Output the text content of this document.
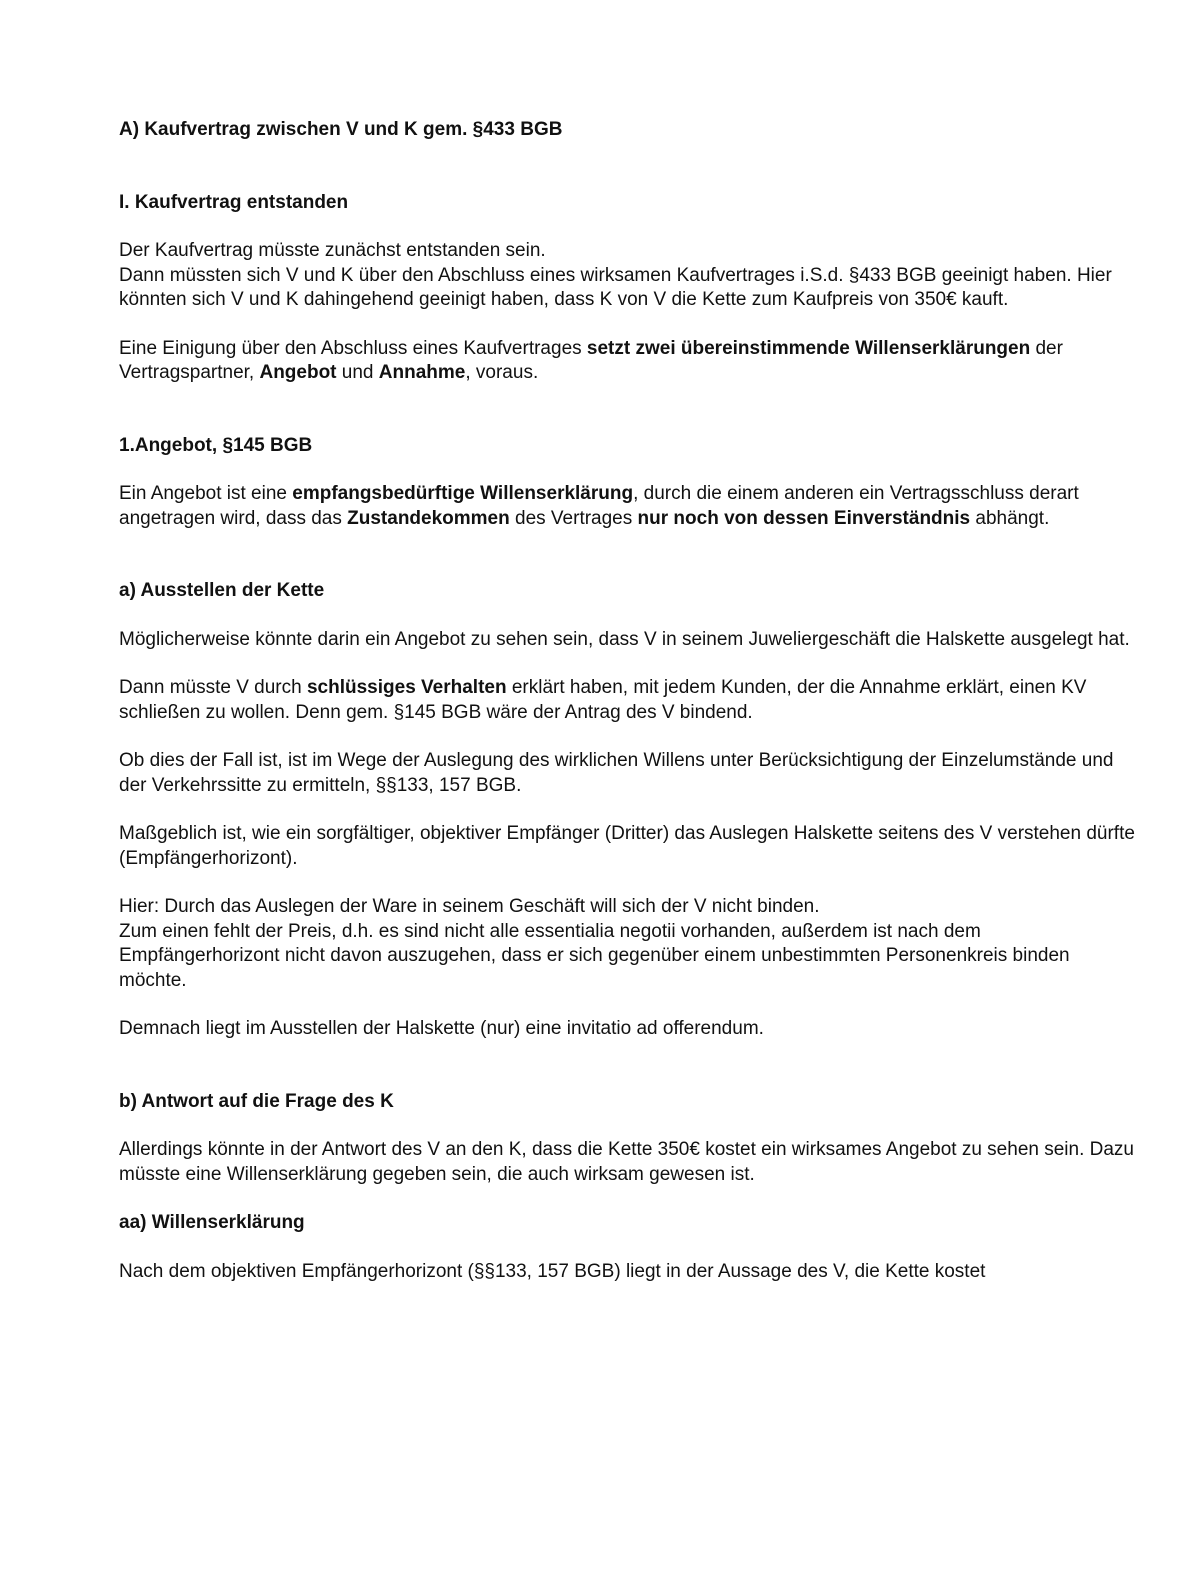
A) Kaufvertrag zwischen V und K gem. §433 BGB

I. Kaufvertrag entstanden

Der Kaufvertrag müsste zunächst entstanden sein.

Dann müssten sich V und K über den Abschluss eines wirksamen Kaufvertrages i.S.d. §433 BGB geeinigt haben. Hier könnten sich V und K dahingehend geeinigt haben, dass K von V die Kette zum Kaufpreis von 350€ kauft.

Eine Einigung über den Abschluss eines Kaufvertrages setzt zwei übereinstimmende Willenserklärungen der Vertragspartner, Angebot und Annahme, voraus.

1.Angebot, §145 BGB

Ein Angebot ist eine empfangsbedürftige Willenserklärung, durch die einem anderen ein Vertragsschluss derart angetragen wird, dass das Zustandekommen des Vertrages nur noch von dessen Einverständnis abhängt.

a) Ausstellen der Kette

Möglicherweise könnte darin ein Angebot zu sehen sein, dass V in seinem Juweliergeschäft die Halskette ausgelegt hat.

Dann müsste V durch schlüssiges Verhalten erklärt haben, mit jedem Kunden, der die Annahme erklärt, einen KV schließen zu wollen. Denn gem. §145 BGB wäre der Antrag des V bindend.

Ob dies der Fall ist, ist im Wege der Auslegung des wirklichen Willens unter Berücksichtigung der Einzelumstände und der Verkehrssitte zu ermitteln, §§133, 157 BGB.

Maßgeblich ist, wie ein sorgfältiger, objektiver Empfänger (Dritter) das Auslegen Halskette seitens des V verstehen dürfte (Empfängerhorizont).

Hier: Durch das Auslegen der Ware in seinem Geschäft will sich der V nicht binden.

Zum einen fehlt der Preis, d.h. es sind nicht alle essentialia negotii vorhanden, außerdem ist nach dem Empfängerhorizont nicht davon auszugehen, dass er sich gegenüber einem unbestimmten Personenkreis binden möchte.

Demnach liegt im Ausstellen der Halskette (nur) eine invitatio ad offerendum.

b) Antwort auf die Frage des K

Allerdings könnte in der Antwort des V an den K, dass die Kette 350€ kostet ein wirksames Angebot zu sehen sein. Dazu müsste eine Willenserklärung gegeben sein, die auch wirksam gewesen ist.

aa) Willenserklärung

Nach dem objektiven Empfängerhorizont (§§133, 157 BGB) liegt in der Aussage des V, die Kette kostet
